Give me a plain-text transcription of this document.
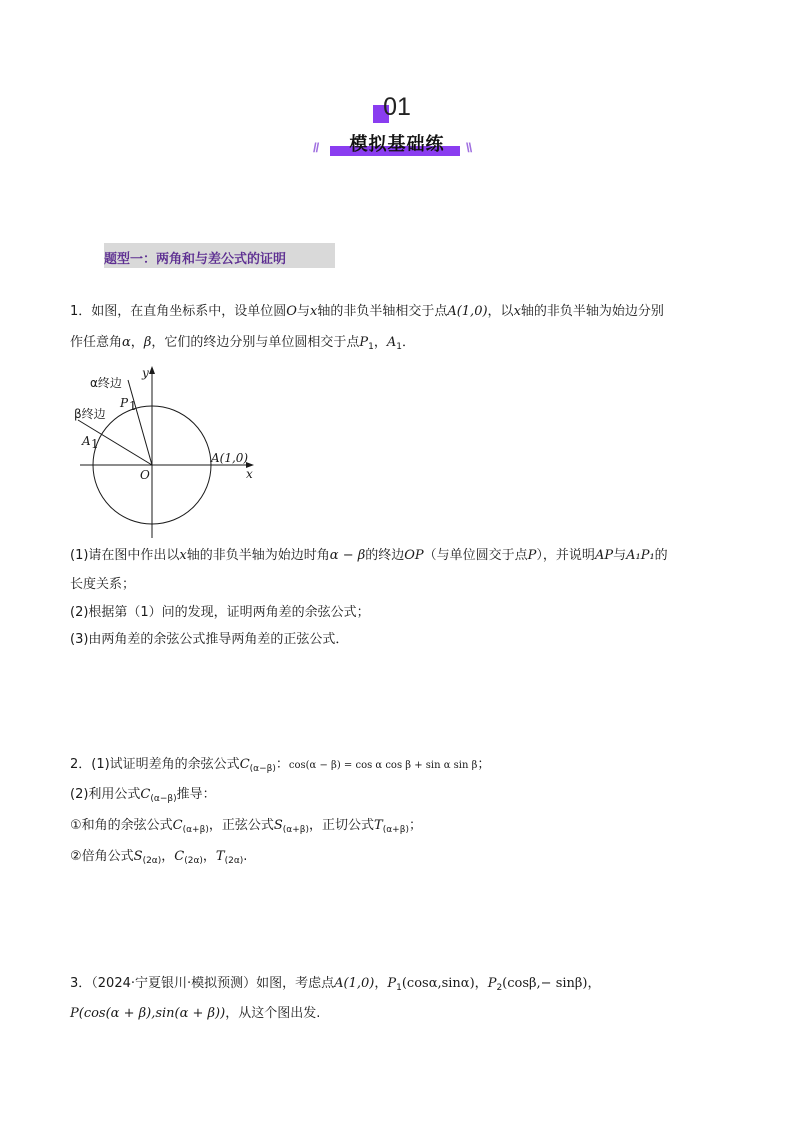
01
模拟基础练
//	\\
题型一：两角和与差公式的证明
1．如图，在直角坐标系中，设单位圆O与x轴的非负半轴相交于点A(1,0)，以x轴的非负半轴为始边分别
作任意角α，β，它们的终边分别与单位圆相交于点$P_1$，$A_1$．
α终边
β终边
y
x
P 1
A 1
O
A(1,0)
(1)请在图中作出以x轴的非负半轴为始边时角α − β的终边OP（与单位圆交于点P），并说明AP与A₁P₁的
长度关系；
(2)根据第（1）问的发现，证明两角差的余弦公式；
(3)由两角差的余弦公式推导两角差的正弦公式．
2．(1)试证明差角的余弦公式$C_{(\alpha-\beta)}$：cos(α − β) = cos α cos β + sin α sin β；
(2)利用公式$C_{(\alpha-\beta)}$推导：
①和角的余弦公式$C_{(\alpha+\beta)}$，正弦公式$S_{(\alpha+\beta)}$，正切公式$T_{(\alpha+\beta)}$；
②倍角公式$S_{(2\alpha)}$，$C_{(2\alpha)}$，$T_{(2\alpha)}$.
3．（2024·宁夏银川·模拟预测）如图，考虑点A(1,0)，$P_1(\cos\alpha,\sin\alpha)$，$P_2(\cos\beta,- \sin\beta)$，
P(cos(α + β),sin(α + β))，从这个图出发.
